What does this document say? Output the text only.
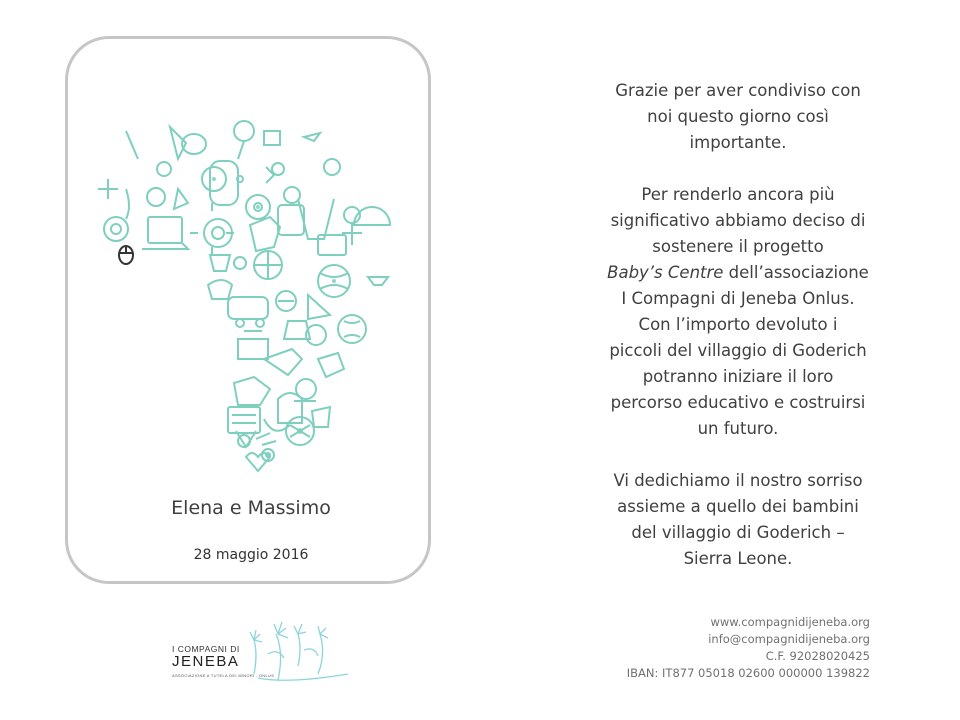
Elena e Massimo
28 maggio 2016

Grazie per aver condiviso con
noi questo giorno così
importante.

Per renderlo ancora più
significativo abbiamo deciso di
sostenere il progetto
Baby’s Centre dell’associazione
I Compagni di Jeneba Onlus.
Con l’importo devoluto i
piccoli del villaggio di Goderich
potranno iniziare il loro
percorso educativo e costruirsi
un futuro.

Vi dedichiamo il nostro sorriso
assieme a quello dei bambini
del villaggio di Goderich –
Sierra Leone.

I COMPAGNI DI
JENEBA
ASSOCIAZIONE A TUTELA DEI MINORI - ONLUS
www.compagnidijeneba.org
info@compagnidijeneba.org
C.F. 92028020425
IBAN: IT877 05018 02600 000000 139822
